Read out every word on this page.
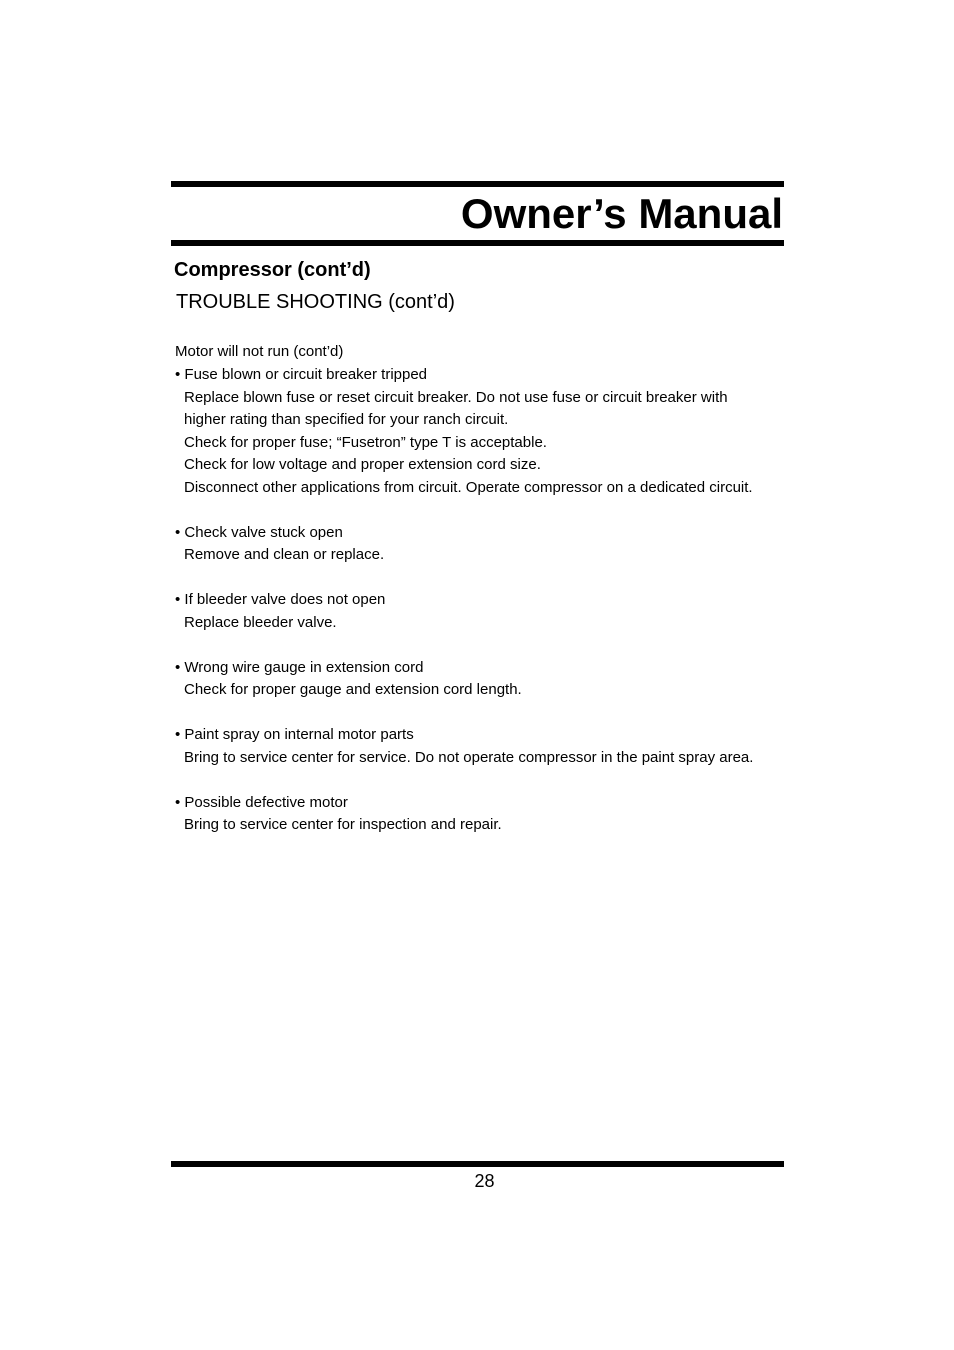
Owner’s Manual
Compressor (cont’d)
TROUBLE SHOOTING (cont’d)
Motor will not run (cont’d)
• Fuse blown or circuit breaker tripped
Replace blown fuse or reset circuit breaker. Do not use fuse or circuit breaker with
higher rating than specified for your ranch circuit.
Check for proper fuse; “Fusetron” type T is acceptable.
Check for low voltage and proper extension cord size.
Disconnect other applications from circuit. Operate compressor on a dedicated circuit.
• Check valve stuck open
Remove and clean or replace.
• If bleeder valve does not open
Replace bleeder valve.
• Wrong wire gauge in extension cord
Check for proper gauge and extension cord length.
• Paint spray on internal motor parts
Bring to service center for service. Do not operate compressor in the paint spray area.
• Possible defective motor
Bring to service center for inspection and repair.
28
